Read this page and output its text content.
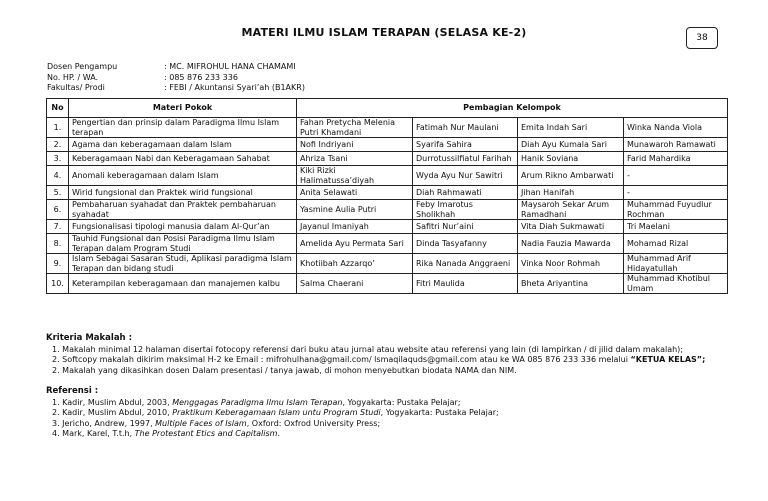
MATERI ILMU ISLAM TERAPAN (SELASA KE-2)	38
Dosen Pengampu	: MC. MIFROHUL HANA CHAMAMI
No. HP. / WA.	: 085 876 233 336
Fakultas/ Prodi	: FEBI / Akuntansi Syari’ah (B1AKR)
No	Materi Pokok	Pembagian Kelompok			
1.	Pengertian dan prinsip dalam Paradigma Ilmu Islam terapan	Fahan Pretycha Melenia Putri Khamdani	Fatimah Nur Maulani	Emita Indah Sari	Winka Nanda Viola
2.	Agama dan keberagamaan dalam Islam	Nofi Indriyani	Syarifa Sahira	Diah Ayu Kumala Sari	Munawaroh Ramawati
3.	Keberagamaan Nabi dan Keberagamaan Sahabat	Ahriza Tsani	Durrotussilfiatul Farihah	Hanik Soviana	Farid Mahardika
4.	Anomali keberagamaan dalam Islam	Kiki Rizki Halimatussa’diyah	Wyda Ayu Nur Sawitri	Arum Rikno Ambarwati	-
5.	Wirid fungsional dan Praktek wirid fungsional	Anita Selawati	Diah Rahmawati	Jihan Hanifah	-
6.	Pembaharuan syahadat dan Praktek pembaharuan syahadat	Yasmine Aulia Putri	Feby Imarotus Sholikhah	Maysaroh Sekar Arum Ramadhani	Muhammad Fuyudlur Rochman
7.	Fungsionalisasi tipologi manusia dalam Al-Qur’an	Jayanul Imaniyah	Safitri Nur’aini	Vita Diah Sukmawati	Tri Maelani
8.	Tauhid Fungsional dan Posisi Paradigma Ilmu Islam Terapan dalam Program Studi	Amelida Ayu Permata Sari	Dinda Tasyafanny	Nadia Fauzia Mawarda	Mohamad Rizal
9.	Islam Sebagai Sasaran Studi, Aplikasi paradigma Islam Terapan dan bidang studi	Khotiibah Azzarqo’	Rika Nanada Anggraeni	Vinka Noor Rohmah	Muhammad Arif Hidayatullah
10.	Keterampilan keberagamaan dan manajemen kalbu	Salma Chaerani	Fitri Maulida	Bheta Ariyantina	Muhammad Khotibul Umam
Kriteria Makalah :
1. Makalah minimal 12 halaman disertai fotocopy referensi dari buku atau jurnal atau website atau referensi yang lain (di lampirkan / di jilid dalam makalah);
2. Softcopy makalah dikirim maksimal H-2 ke Email : mifrohulhana@gmail.com/ lsmaqilaquds@gmail.com atau ke WA 085 876 233 336 melalui “KETUA KELAS”;
2. Makalah yang dikasihkan dosen Dalam presentasi / tanya jawab, di mohon menyebutkan biodata NAMA dan NIM.
Referensi :
1. Kadir, Muslim Abdul, 2003, Menggagas Paradigma Ilmu Islam Terapan, Yogyakarta: Pustaka Pelajar;
2. Kadir, Muslim Abdul, 2010, Praktikum Keberagamaan Islam untu Program Studi, Yogyakarta: Pustaka Pelajar;
3. Jericho, Andrew, 1997, Multiple Faces of Islam, Oxford: Oxfrod University Press;
4. Mark, Karel, T.t.h, The Protestant Etics and Capitalism.
